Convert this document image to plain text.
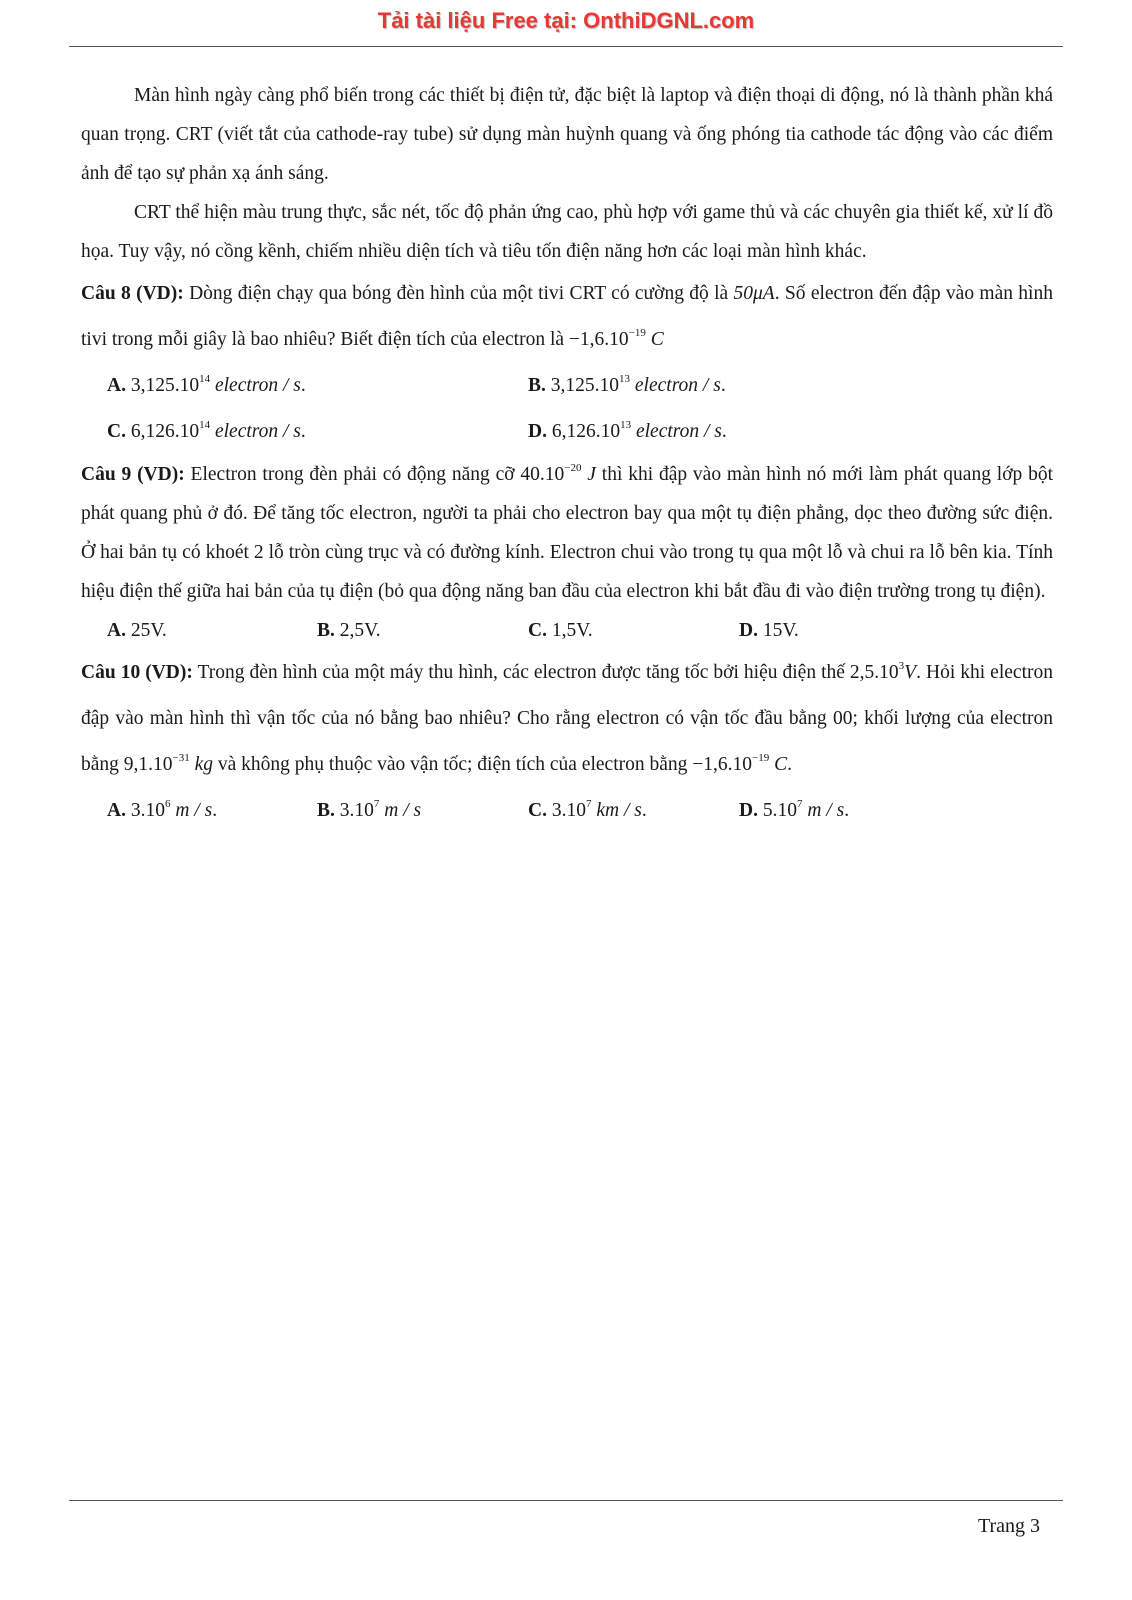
Tải tài liệu Free tại: OnthiDGNL.com

Màn hình ngày càng phổ biến trong các thiết bị điện tử, đặc biệt là laptop và điện thoại di động, nó là thành phần khá quan trọng. CRT (viết tắt của cathode-ray tube) sử dụng màn huỳnh quang và ống phóng tia cathode tác động vào các điểm ảnh để tạo sự phản xạ ánh sáng.

CRT thể hiện màu trung thực, sắc nét, tốc độ phản ứng cao, phù hợp với game thủ và các chuyên gia thiết kế, xử lí đồ họa. Tuy vậy, nó cồng kềnh, chiếm nhiều diện tích và tiêu tốn điện năng hơn các loại màn hình khác.

Câu 8 (VD): Dòng điện chạy qua bóng đèn hình của một tivi CRT có cường độ là 50μA. Số electron đến đập vào màn hình tivi trong mỗi giây là bao nhiêu? Biết điện tích của electron là $-1,6.10^{-19}$ C

A. 3,125.10$^{14}$ electron / s.	B. 3,125.10$^{13}$ electron / s.
C. 6,126.10$^{14}$ electron / s.	D. 6,126.10$^{13}$ electron / s.

Câu 9 (VD): Electron trong đèn phải có động năng cỡ $40.10^{-20}$ J thì khi đập vào màn hình nó mới làm phát quang lớp bột phát quang phủ ở đó. Để tăng tốc electron, người ta phải cho electron bay qua một tụ điện phẳng, dọc theo đường sức điện. Ở hai bản tụ có khoét 2 lỗ tròn cùng trục và có đường kính. Electron chui vào trong tụ qua một lỗ và chui ra lỗ bên kia. Tính hiệu điện thế giữa hai bản của tụ điện (bỏ qua động năng ban đầu của electron khi bắt đầu đi vào điện trường trong tụ điện).

A. 25V.	B. 2,5V.	C. 1,5V.	D. 15V.

Câu 10 (VD): Trong đèn hình của một máy thu hình, các electron được tăng tốc bởi hiệu điện thế 2,5.10$^3$V. Hỏi khi electron đập vào màn hình thì vận tốc của nó bằng bao nhiêu? Cho rằng electron có vận tốc đầu bằng 00; khối lượng của electron bằng $9,1.10^{-31}$ kg và không phụ thuộc vào vận tốc; điện tích của electron bằng $-1,6.10^{-19}$ C.

A. 3.10$^6$ m / s.	B. 3.10$^7$ m / s	C. 3.10$^7$ km / s.	D. 5.10$^7$ m / s.
Trang 3
